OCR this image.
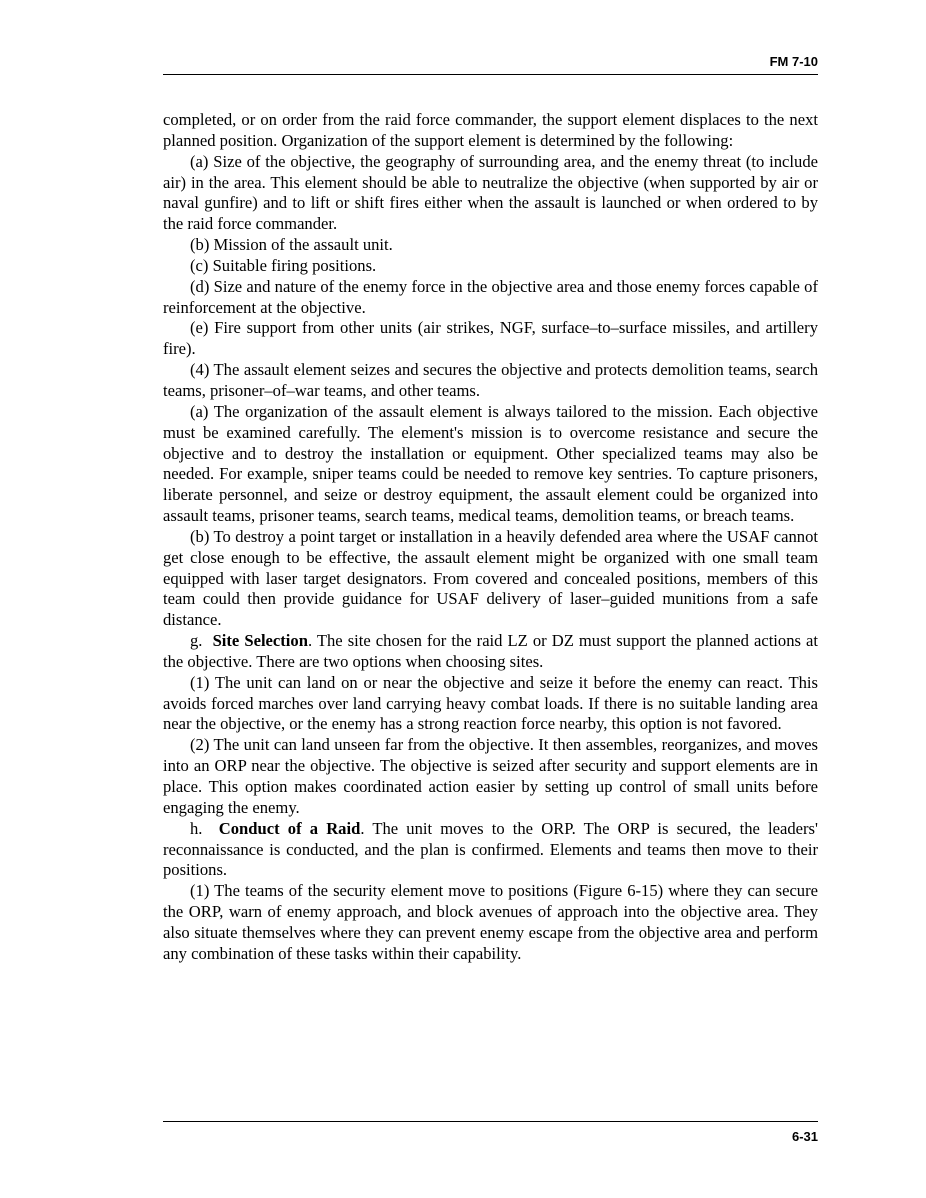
FM 7-10

completed, or on order from the raid force commander, the support element displaces to the next planned position. Organization of the support element is determined by the following:

(a) Size of the objective, the geography of surrounding area, and the enemy threat (to include air) in the area. This element should be able to neutralize the objective (when supported by air or naval gunfire) and to lift or shift fires either when the assault is launched or when ordered to by the raid force commander.

(b) Mission of the assault unit.

(c) Suitable firing positions.

(d) Size and nature of the enemy force in the objective area and those enemy forces capable of reinforcement at the objective.

(e) Fire support from other units (air strikes, NGF, surface–to–surface missiles, and artillery fire).

(4) The assault element seizes and secures the objective and protects demolition teams, search teams, prisoner–of–war teams, and other teams.

(a) The organization of the assault element is always tailored to the mission. Each objective must be examined carefully. The element's mission is to overcome resistance and secure the objective and to destroy the installation or equipment. Other specialized teams may also be needed. For example, sniper teams could be needed to remove key sentries. To capture prisoners, liberate personnel, and seize or destroy equipment, the assault element could be organized into assault teams, prisoner teams, search teams, medical teams, demolition teams, or breach teams.

(b) To destroy a point target or installation in a heavily defended area where the USAF cannot get close enough to be effective, the assault element might be organized with one small team equipped with laser target designators. From covered and concealed positions, members of this team could then provide guidance for USAF delivery of laser–guided munitions from a safe distance.

g. Site Selection. The site chosen for the raid LZ or DZ must support the planned actions at the objective. There are two options when choosing sites.

(1) The unit can land on or near the objective and seize it before the enemy can react. This avoids forced marches over land carrying heavy combat loads. If there is no suitable landing area near the objective, or the enemy has a strong reaction force nearby, this option is not favored.

(2) The unit can land unseen far from the objective. It then assembles, reorganizes, and moves into an ORP near the objective. The objective is seized after security and support elements are in place. This option makes coordinated action easier by setting up control of small units before engaging the enemy.

h. Conduct of a Raid. The unit moves to the ORP. The ORP is secured, the leaders' reconnaissance is conducted, and the plan is confirmed. Elements and teams then move to their positions.

(1) The teams of the security element move to positions (Figure 6-15) where they can secure the ORP, warn of enemy approach, and block avenues of approach into the objective area. They also situate themselves where they can prevent enemy escape from the objective area and perform any combination of these tasks within their capability.

6-31
